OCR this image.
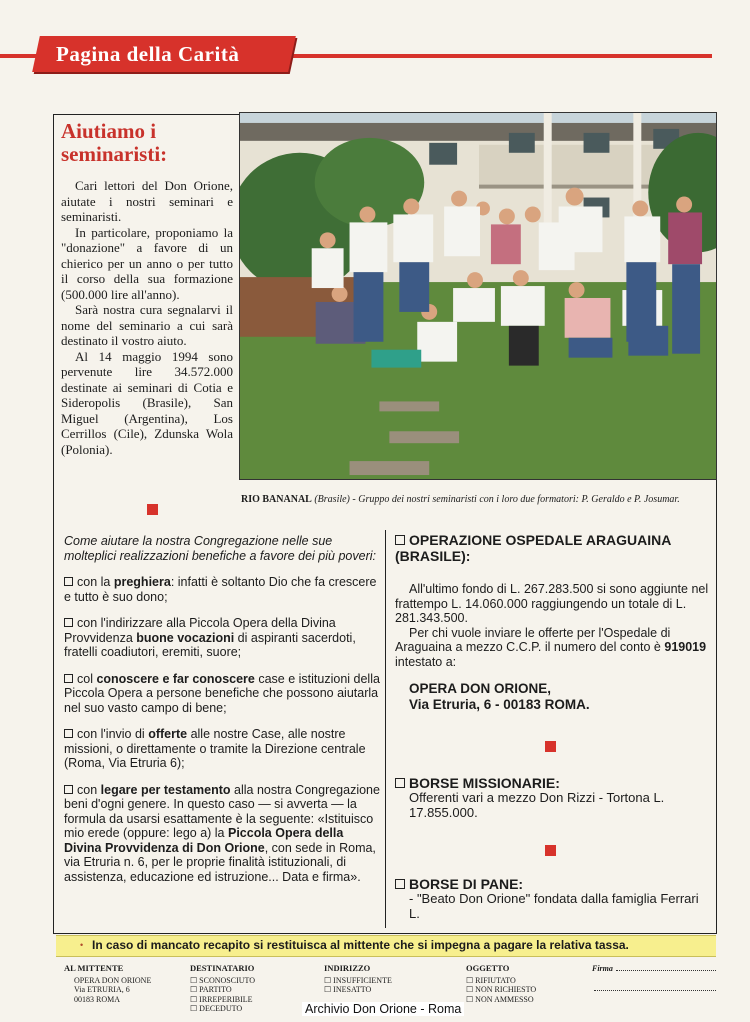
Pagina della Carità
Aiutiamo i seminaristi:

Cari lettori del Don Orione, aiutate i nostri seminari e seminaristi.

In particolare, proponiamo la "donazione" a favore di un chierico per un anno o per tutto il corso della sua formazione (500.000 lire all'anno).

Sarà nostra cura segnalarvi il nome del seminario a cui sarà destinato il vostro aiuto.

Al 14 maggio 1994 sono pervenute lire 34.572.000 destinate ai seminari di Cotia e Sideropolis (Brasile), San Miguel (Argentina), Los Cerrillos (Cile), Zdunska Wola (Polonia).

RIO BANANAL (Brasile) - Gruppo dei nostri seminaristi con i loro due formatori: P. Geraldo e P. Josumar.

Come aiutare la nostra Congregazione nelle sue molteplici realizzazioni benefiche a favore dei più poveri:

con la preghiera: infatti è soltanto Dio che fa crescere e tutto è suo dono;

con l'indirizzare alla Piccola Opera della Divina Provvidenza buone vocazioni di aspiranti sacerdoti, fratelli coadiutori, eremiti, suore;

col conoscere e far conoscere case e istituzioni della Piccola Opera a persone benefiche che possono aiutarla nel suo vasto campo di bene;

con l'invio di offerte alle nostre Case, alle nostre missioni, o direttamente o tramite la Direzione centrale (Roma, Via Etruria 6);

con legare per testamento alla nostra Congregazione beni d'ogni genere. In questo caso — si avverta — la formula da usarsi esattamente è la seguente: «Istituisco mio erede (oppure: lego a) la Piccola Opera della Divina Provvidenza di Don Orione, con sede in Roma, via Etruria n. 6, per le proprie finalità istituzionali, di assistenza, educazione ed istruzione... Data e firma».

OPERAZIONE OSPEDALE ARAGUAINA (BRASILE):

All'ultimo fondo di L. 267.283.500 si sono aggiunte nel frattempo L. 14.060.000 raggiungendo un totale di L. 281.343.500.

Per chi vuole inviare le offerte per l'Ospedale di Araguaina a mezzo C.C.P. il numero del conto è 919019 intestato a:

OPERA DON ORIONE,

Via Etruria, 6 - 00183 ROMA.

BORSE MISSIONARIE:

Offerenti vari a mezzo Don Rizzi - Tortona L. 17.855.000.

BORSE DI PANE:

- "Beato Don Orione" fondata dalla famiglia Ferrari L.

• In caso di mancato recapito si restituisca al mittente che si impegna a pagare la relativa tassa.
AL MITTENTE
OPERA DON ORIONE
Via ETRURIA, 6
00183 ROMA
DESTINATARIO
☐ SCONOSCIUTO
☐ PARTITO
☐ IRREPERIBILE
☐ DECEDUTO
INDIRIZZO
☐ INSUFFICIENTE
☐ INESATTO
OGGETTO
☐ RIFIUTATO
☐ NON RICHIESTO
☐ NON AMMESSO
Firma
Archivio Don Orione - Roma
